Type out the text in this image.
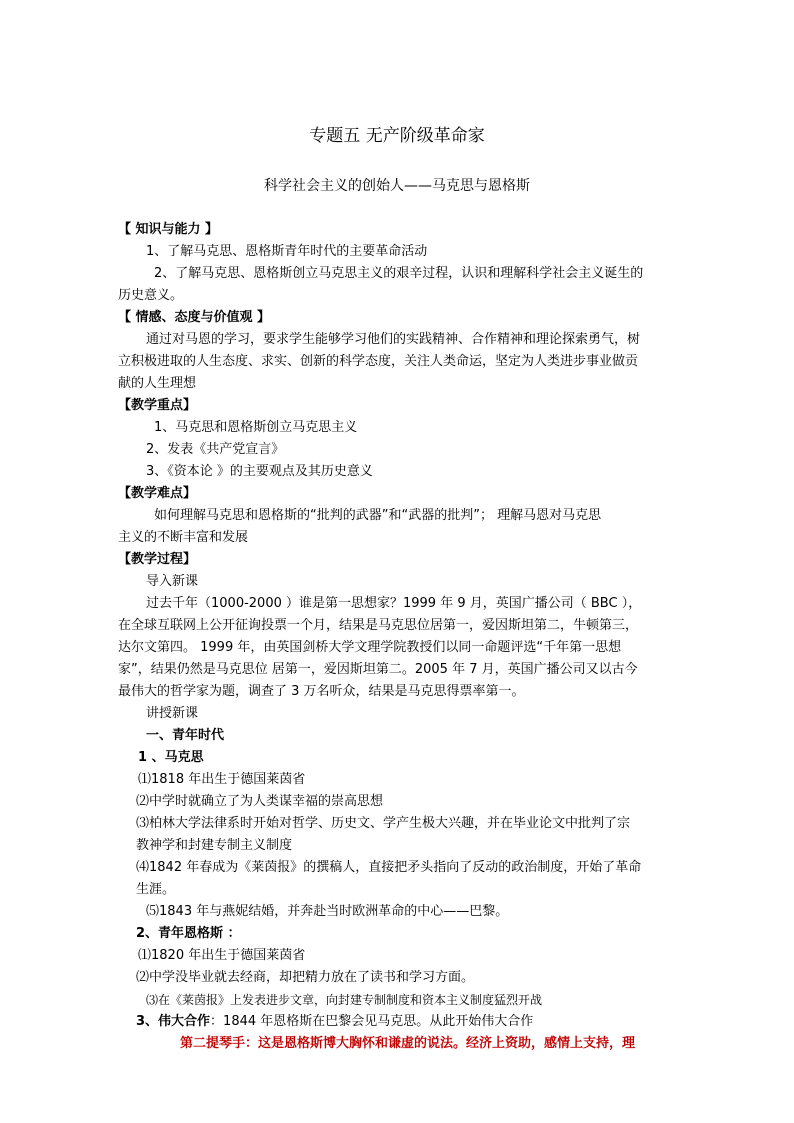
专题五 无产阶级革命家
科学社会主义的创始人——马克思与恩格斯
【 知识与能力 】
1、了解马克思、恩格斯青年时代的主要革命活动
2、了解马克思、恩格斯创立马克思主义的艰辛过程，认识和理解科学社会主义诞生的
历史意义。
【 情感、态度与价值观 】
通过对马恩的学习，要求学生能够学习他们的实践精神、合作精神和理论探索勇气，树
立积极进取的人生态度、求实、创新的科学态度，关注人类命运，坚定为人类进步事业做贡
献的人生理想
【教学重点】
1、马克思和恩格斯创立马克思主义
2、发表《共产党宣言》
3、《资本论 》的主要观点及其历史意义
【教学难点】
如何理解马克思和恩格斯的“批判的武器”和“武器的批判”； 理解马恩对马克思
主义的不断丰富和发展
【教学过程】
导入新课
过去千年（1000-2000 ）谁是第一思想家？1999 年 9 月，英国广播公司（ BBC ），
在全球互联网上公开征询投票一个月，结果是马克思位居第一，爱因斯坦第二，牛顿第三，
达尔文第四。 1999 年，由英国剑桥大学文理学院教授们以同一命题评选“千年第一思想
家”，结果仍然是马克思位 居第一，爱因斯坦第二。2005 年 7 月，英国广播公司又以古今
最伟大的哲学家为题，调查了 3 万名听众，结果是马克思得票率第一。
讲授新课
一、青年时代
1 、马克思
⑴1818 年出生于德国莱茵省
⑵中学时就确立了为人类谋幸福的崇高思想
⑶柏林大学法律系时开始对哲学、历史文、学产生极大兴趣，并在毕业论文中批判了宗
教神学和封建专制主义制度
⑷1842 年春成为《莱茵报》的撰稿人，直接把矛头指向了反动的政治制度，开始了革命
生涯。
⑸1843 年与燕妮结婚，并奔赴当时欧洲革命的中心——巴黎。
2、青年恩格斯 ：
⑴1820 年出生于德国莱茵省
⑵中学没毕业就去经商，却把精力放在了读书和学习方面。
⑶在《莱茵报》上发表进步文章，向封建专制制度和资本主义制度猛烈开战
3、伟大合作：1844 年恩格斯在巴黎会见马克思。从此开始伟大合作
第二提琴手：这是恩格斯博大胸怀和谦虚的说法。经济上资助，感情上支持，理
